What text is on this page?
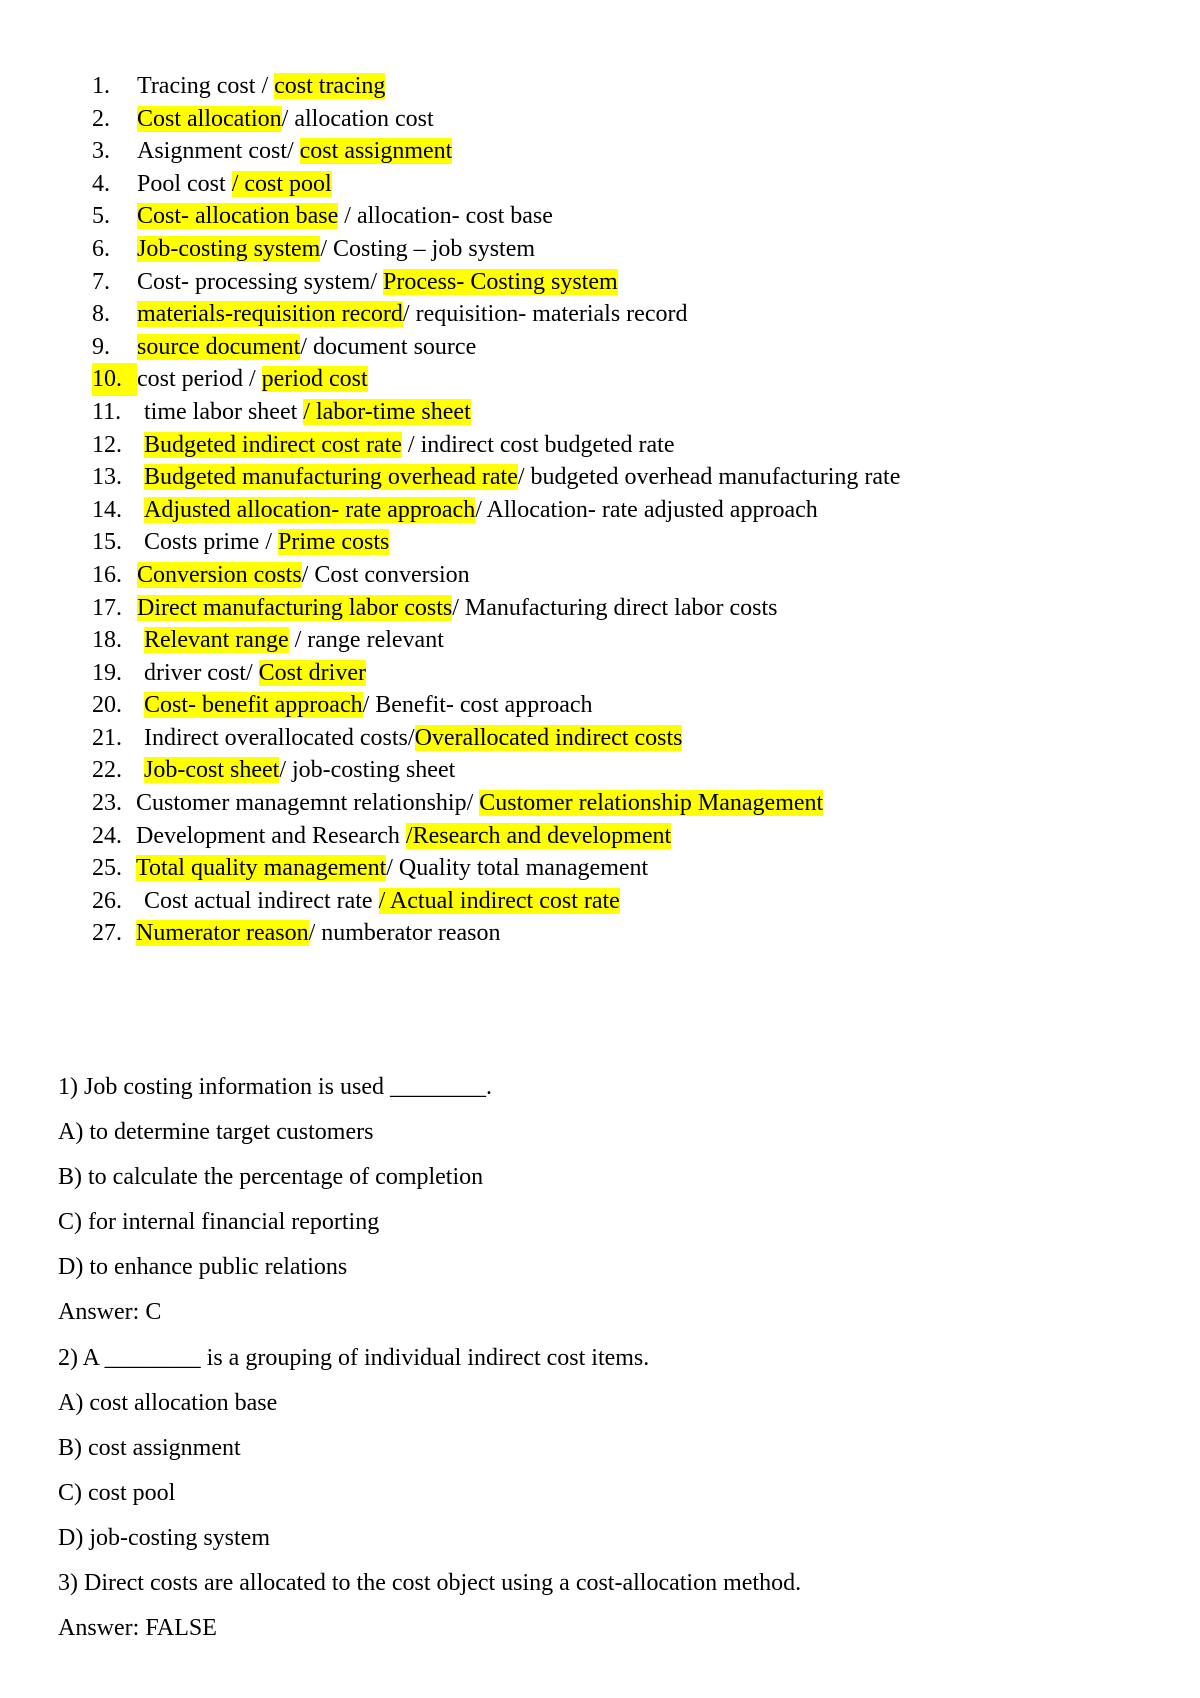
1. Tracing cost / cost tracing
2. Cost allocation/ allocation cost
3. Asignment cost/ cost assignment
4. Pool cost / cost pool
5. Cost- allocation base / allocation- cost base
6. Job-costing system/ Costing – job system
7. Cost- processing system/ Process- Costing system
8. materials-requisition record/ requisition- materials record
9. source document/ document source
10. cost period / period cost
11. time labor sheet / labor-time sheet
12. Budgeted indirect cost rate / indirect cost budgeted rate
13. Budgeted manufacturing overhead rate/ budgeted overhead manufacturing rate
14. Adjusted allocation- rate approach/ Allocation- rate adjusted approach
15. Costs prime / Prime costs
16. Conversion costs/ Cost conversion
17. Direct manufacturing labor costs/ Manufacturing direct labor costs
18. Relevant range / range relevant
19. driver cost/ Cost driver
20. Cost- benefit approach/ Benefit- cost approach
21. Indirect overallocated costs/Overallocated indirect costs
22. Job-cost sheet/ job-costing sheet
23. Customer managemnt relationship/ Customer relationship Management
24. Development and Research /Research and development
25. Total quality management/ Quality total management
26. Cost actual indirect rate / Actual indirect cost rate
27. Numerator reason/ numberator reason
1) Job costing information is used ________.
A) to determine target customers
B) to calculate the percentage of completion
C) for internal financial reporting
D) to enhance public relations
Answer: C
2) A ________ is a grouping of individual indirect cost items.
A) cost allocation base
B) cost assignment
C) cost pool
D) job-costing system
3) Direct costs are allocated to the cost object using a cost-allocation method.
Answer: FALSE
